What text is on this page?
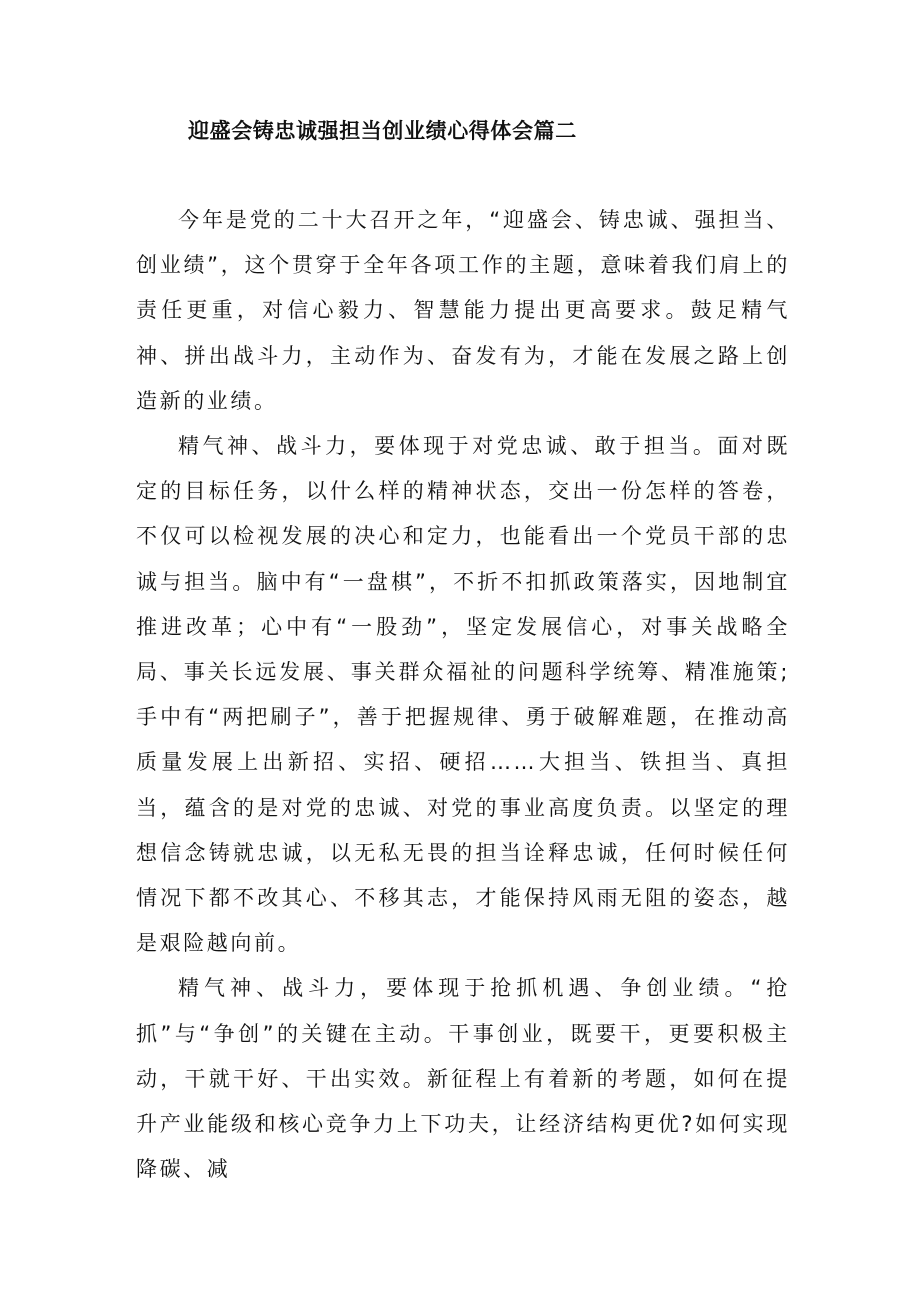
迎盛会铸忠诚强担当创业绩心得体会篇二

今年是党的二十大召开之年，“迎盛会、铸忠诚、强担当、创业绩”，这个贯穿于全年各项工作的主题，意味着我们肩上的责任更重，对信心毅力、智慧能力提出更高要求。鼓足精气神、拼出战斗力，主动作为、奋发有为，才能在发展之路上创造新的业绩。

精气神、战斗力，要体现于对党忠诚、敢于担当。面对既定的目标任务，以什么样的精神状态，交出一份怎样的答卷，不仅可以检视发展的决心和定力，也能看出一个党员干部的忠诚与担当。脑中有“一盘棋”，不折不扣抓政策落实，因地制宜推进改革；心中有“一股劲”，坚定发展信心，对事关战略全局、事关长远发展、事关群众福祉的问题科学统筹、精准施策;手中有“两把刷子”，善于把握规律、勇于破解难题，在推动高质量发展上出新招、实招、硬招……大担当、铁担当、真担当，蕴含的是对党的忠诚、对党的事业高度负责。以坚定的理想信念铸就忠诚，以无私无畏的担当诠释忠诚，任何时候任何情况下都不改其心、不移其志，才能保持风雨无阻的姿态，越是艰险越向前。

精气神、战斗力，要体现于抢抓机遇、争创业绩。“抢抓”与“争创”的关键在主动。干事创业，既要干，更要积极主动，干就干好、干出实效。新征程上有着新的考题，如何在提升产业能级和核心竞争力上下功夫，让经济结构更优?如何实现降碳、减
